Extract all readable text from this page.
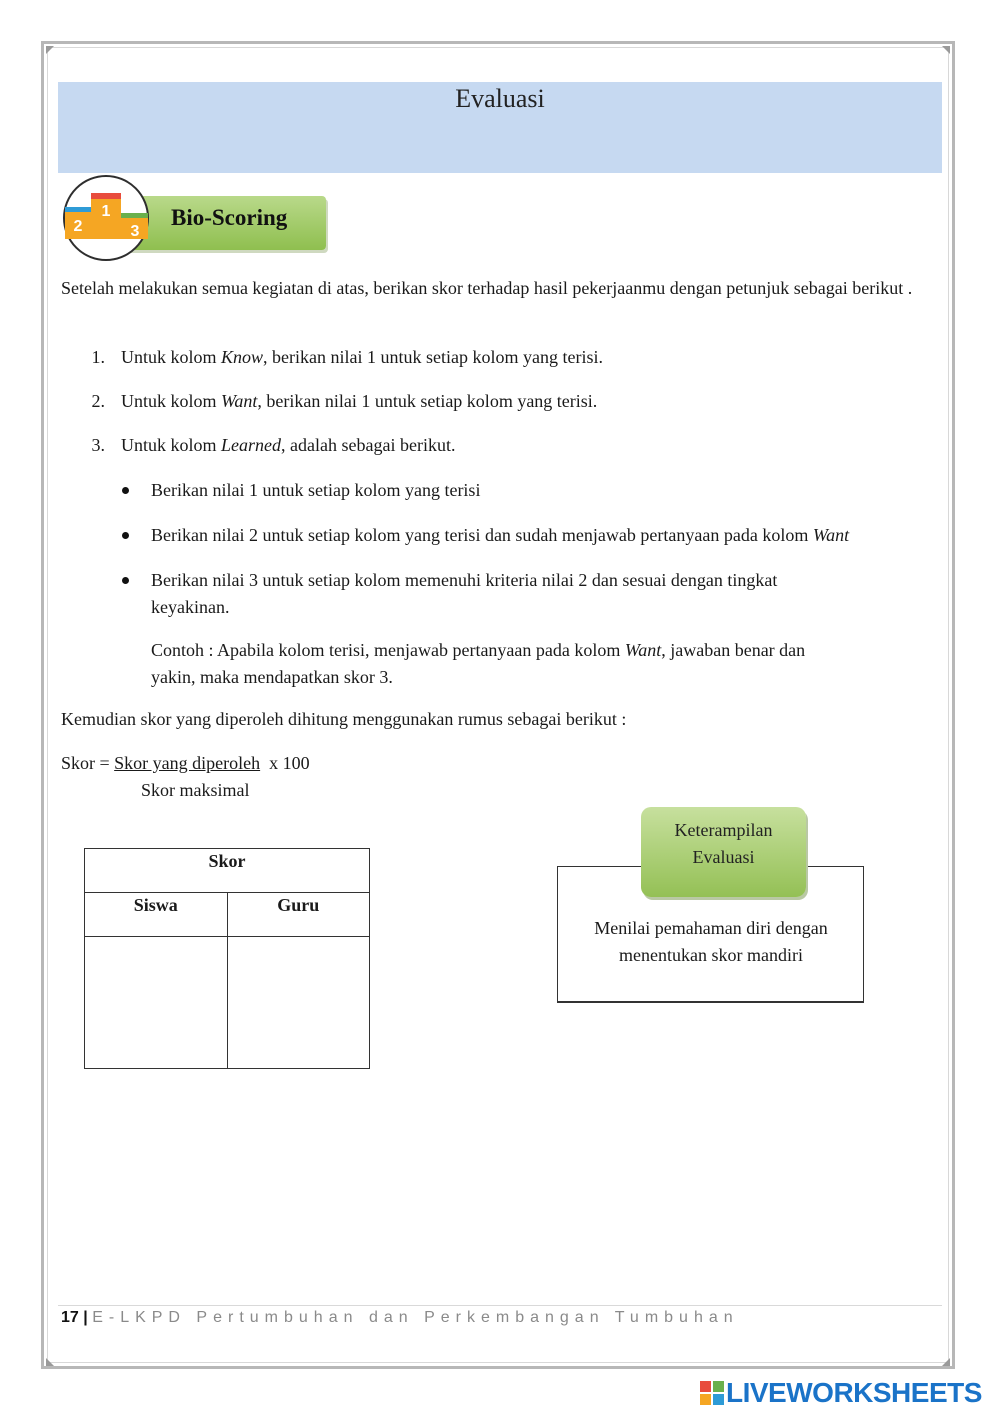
Evaluasi
1
2	3
Bio-Scoring
Setelah melakukan semua kegiatan di atas, berikan skor terhadap hasil pekerjaanmu dengan petunjuk sebagai berikut .
1. Untuk kolom Know, berikan nilai 1 untuk setiap kolom yang terisi.
2. Untuk kolom Want, berikan nilai 1 untuk setiap kolom yang terisi.
3. Untuk kolom Learned, adalah sebagai berikut.
Berikan nilai 1 untuk setiap kolom yang terisi
Berikan nilai 2 untuk setiap kolom yang terisi dan sudah menjawab pertanyaan pada kolom Want
Berikan nilai 3 untuk setiap kolom memenuhi kriteria nilai 2 dan sesuai dengan tingkat
keyakinan.
Contoh : Apabila kolom terisi, menjawab pertanyaan pada kolom Want, jawaban benar dan
yakin, maka mendapatkan skor 3.
Kemudian skor yang diperoleh dihitung menggunakan rumus sebagai berikut :
Skor = Skor yang diperoleh x 100
Skor maksimal
Skor	
Siswa	Guru

Menilai pemahaman diri dengan
menentukan skor mandiri
Keterampilan
Evaluasi
17 | E-LKPD Pertumbuhan dan Perkembangan Tumbuhan
LIVEWORKSHEETS
